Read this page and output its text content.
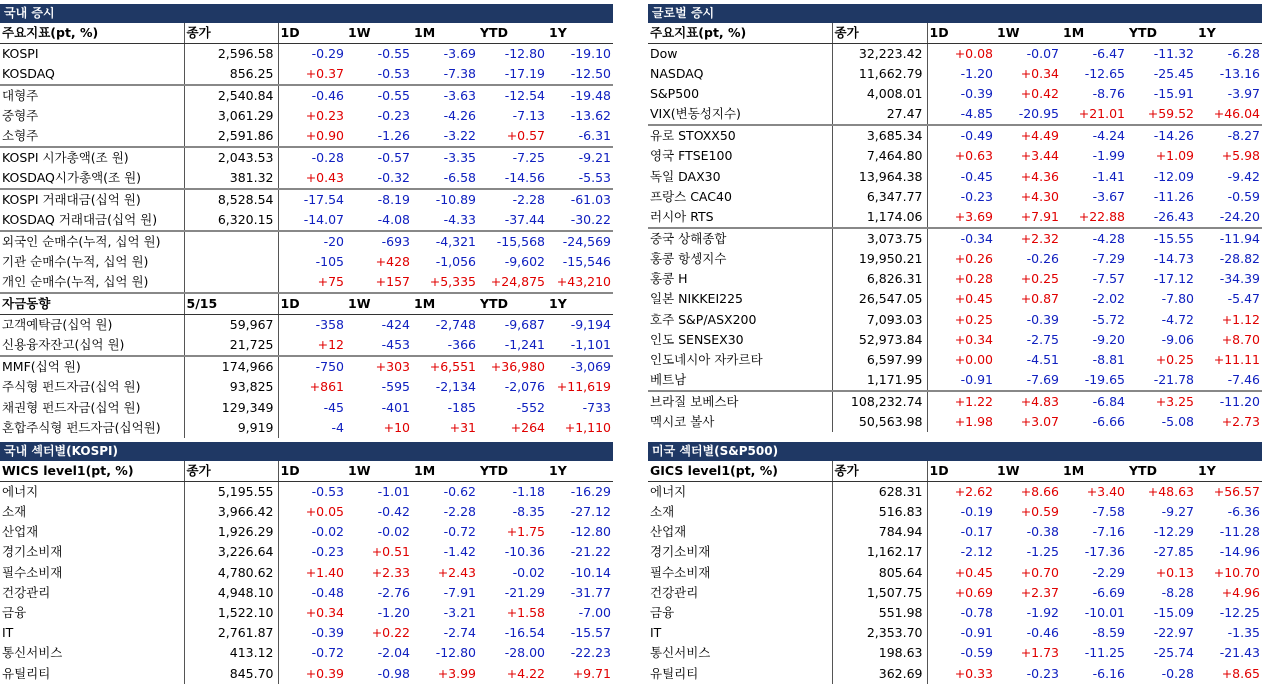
국내 증시
주요지표(pt, %)	종가	1D	1W	1M	YTD	1Y
KOSPI	2,596.58	-0.29	-0.55	-3.69	-12.80	-19.10
KOSDAQ	856.25	+0.37	-0.53	-7.38	-17.19	-12.50
대형주	2,540.84	-0.46	-0.55	-3.63	-12.54	-19.48
중형주	3,061.29	+0.23	-0.23	-4.26	-7.13	-13.62
소형주	2,591.86	+0.90	-1.26	-3.22	+0.57	-6.31
KOSPI 시가총액(조 원)	2,043.53	-0.28	-0.57	-3.35	-7.25	-9.21
KOSDAQ시가총액(조 원)	381.32	+0.43	-0.32	-6.58	-14.56	-5.53
KOSPI 거래대금(십억 원)	8,528.54	-17.54	-8.19	-10.89	-2.28	-61.03
KOSDAQ 거래대금(십억 원)	6,320.15	-14.07	-4.08	-4.33	-37.44	-30.22
외국인 순매수(누적, 십억 원)		-20	-693	-4,321	-15,568	-24,569
기관 순매수(누적, 십억 원)		-105	+428	-1,056	-9,602	-15,546
개인 순매수(누적, 십억 원)		+75	+157	+5,335	+24,875	+43,210
자금동향	5/15	1D	1W	1M	YTD	1Y
고객예탁금(십억 원)	59,967	-358	-424	-2,748	-9,687	-9,194
신용융자잔고(십억 원)	21,725	+12	-453	-366	-1,241	-1,101
MMF(십억 원)	174,966	-750	+303	+6,551	+36,980	-3,069
주식형 펀드자금(십억 원)	93,825	+861	-595	-2,134	-2,076	+11,619
채권형 펀드자금(십억 원)	129,349	-45	-401	-185	-552	-733
혼합주식형 펀드자금(십억원)	9,919	-4	+10	+31	+264	+1,110
글로벌 증시
주요지표(pt, %)	종가	1D	1W	1M	YTD	1Y
Dow	32,223.42	+0.08	-0.07	-6.47	-11.32	-6.28
NASDAQ	11,662.79	-1.20	+0.34	-12.65	-25.45	-13.16
S&P500	4,008.01	-0.39	+0.42	-8.76	-15.91	-3.97
VIX(변동성지수)	27.47	-4.85	-20.95	+21.01	+59.52	+46.04
유로 STOXX50	3,685.34	-0.49	+4.49	-4.24	-14.26	-8.27
영국 FTSE100	7,464.80	+0.63	+3.44	-1.99	+1.09	+5.98
독일 DAX30	13,964.38	-0.45	+4.36	-1.41	-12.09	-9.42
프랑스 CAC40	6,347.77	-0.23	+4.30	-3.67	-11.26	-0.59
러시아 RTS	1,174.06	+3.69	+7.91	+22.88	-26.43	-24.20
중국 상해종합	3,073.75	-0.34	+2.32	-4.28	-15.55	-11.94
홍콩 항셍지수	19,950.21	+0.26	-0.26	-7.29	-14.73	-28.82
홍콩 H	6,826.31	+0.28	+0.25	-7.57	-17.12	-34.39
일본 NIKKEI225	26,547.05	+0.45	+0.87	-2.02	-7.80	-5.47
호주 S&P/ASX200	7,093.03	+0.25	-0.39	-5.72	-4.72	+1.12
인도 SENSEX30	52,973.84	+0.34	-2.75	-9.20	-9.06	+8.70
인도네시아 자카르타	6,597.99	+0.00	-4.51	-8.81	+0.25	+11.11
베트남	1,171.95	-0.91	-7.69	-19.65	-21.78	-7.46
브라질 보베스타	108,232.74	+1.22	+4.83	-6.84	+3.25	-11.20
멕시코 볼사	50,563.98	+1.98	+3.07	-6.66	-5.08	+2.73
국내 섹터별(KOSPI)
WICS level1(pt, %)	종가	1D	1W	1M	YTD	1Y
에너지	5,195.55	-0.53	-1.01	-0.62	-1.18	-16.29
소재	3,966.42	+0.05	-0.42	-2.28	-8.35	-27.12
산업재	1,926.29	-0.02	-0.02	-0.72	+1.75	-12.80
경기소비재	3,226.64	-0.23	+0.51	-1.42	-10.36	-21.22
필수소비재	4,780.62	+1.40	+2.33	+2.43	-0.02	-10.14
건강관리	4,948.10	-0.48	-2.76	-7.91	-21.29	-31.77
금융	1,522.10	+0.34	-1.20	-3.21	+1.58	-7.00
IT	2,761.87	-0.39	+0.22	-2.74	-16.54	-15.57
통신서비스	413.12	-0.72	-2.04	-12.80	-28.00	-22.23
유틸리티	845.70	+0.39	-0.98	+3.99	+4.22	+9.71
미국 섹터별(S&P500)
GICS level1(pt, %)	종가	1D	1W	1M	YTD	1Y
에너지	628.31	+2.62	+8.66	+3.40	+48.63	+56.57
소재	516.83	-0.19	+0.59	-7.58	-9.27	-6.36
산업재	784.94	-0.17	-0.38	-7.16	-12.29	-11.28
경기소비재	1,162.17	-2.12	-1.25	-17.36	-27.85	-14.96
필수소비재	805.64	+0.45	+0.70	-2.29	+0.13	+10.70
건강관리	1,507.75	+0.69	+2.37	-6.69	-8.28	+4.96
금융	551.98	-0.78	-1.92	-10.01	-15.09	-12.25
IT	2,353.70	-0.91	-0.46	-8.59	-22.97	-1.35
통신서비스	198.63	-0.59	+1.73	-11.25	-25.74	-21.43
유틸리티	362.69	+0.33	-0.23	-6.16	-0.28	+8.65
